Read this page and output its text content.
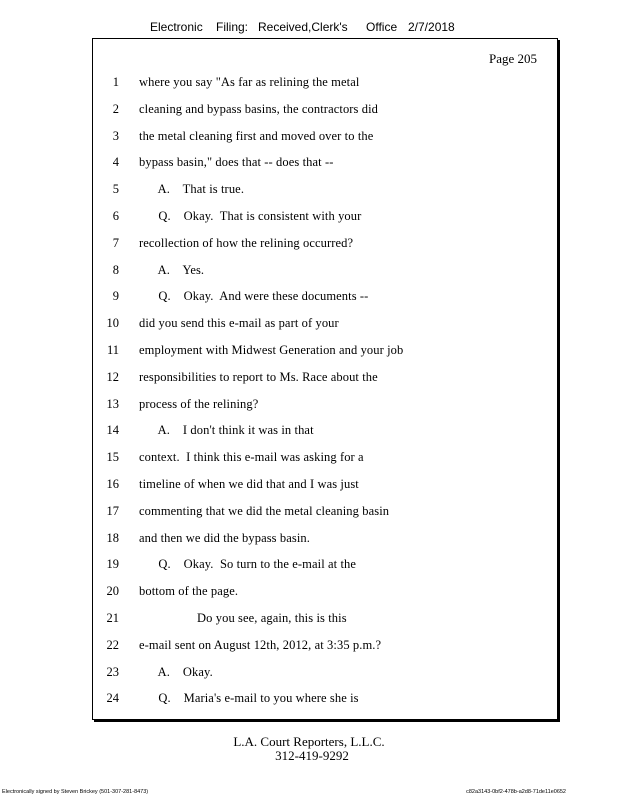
Electronic Filing: Received,Clerk's Office 2/7/2018
Page 205
1 where you say "As far as relining the metal
2 cleaning and bypass basins, the contractors did
3 the metal cleaning first and moved over to the
4 bypass basin," does that -- does that --
5 A.    That is true.
6 Q.    Okay.  That is consistent with your
7 recollection of how the relining occurred?
8 A.    Yes.
9 Q.    Okay.  And were these documents --
10 did you send this e-mail as part of your
11 employment with Midwest Generation and your job
12 responsibilities to report to Ms. Race about the
13 process of the relining?
14 A.    I don't think it was in that
15 context.  I think this e-mail was asking for a
16 timeline of when we did that and I was just
17 commenting that we did the metal cleaning basin
18 and then we did the bypass basin.
19 Q.    Okay.  So turn to the e-mail at the
20 bottom of the page.
21 Do you see, again, this is this
22 e-mail sent on August 12th, 2012, at 3:35 p.m.?
23 A.    Okay.
24 Q.    Maria's e-mail to you where she is
L.A. Court Reporters, L.L.C.
312-419-9292
Electronically signed by Steven Brickey (501-307-281-8473)	c82a3143-0bf2-478b-a2d8-71de11e0652
